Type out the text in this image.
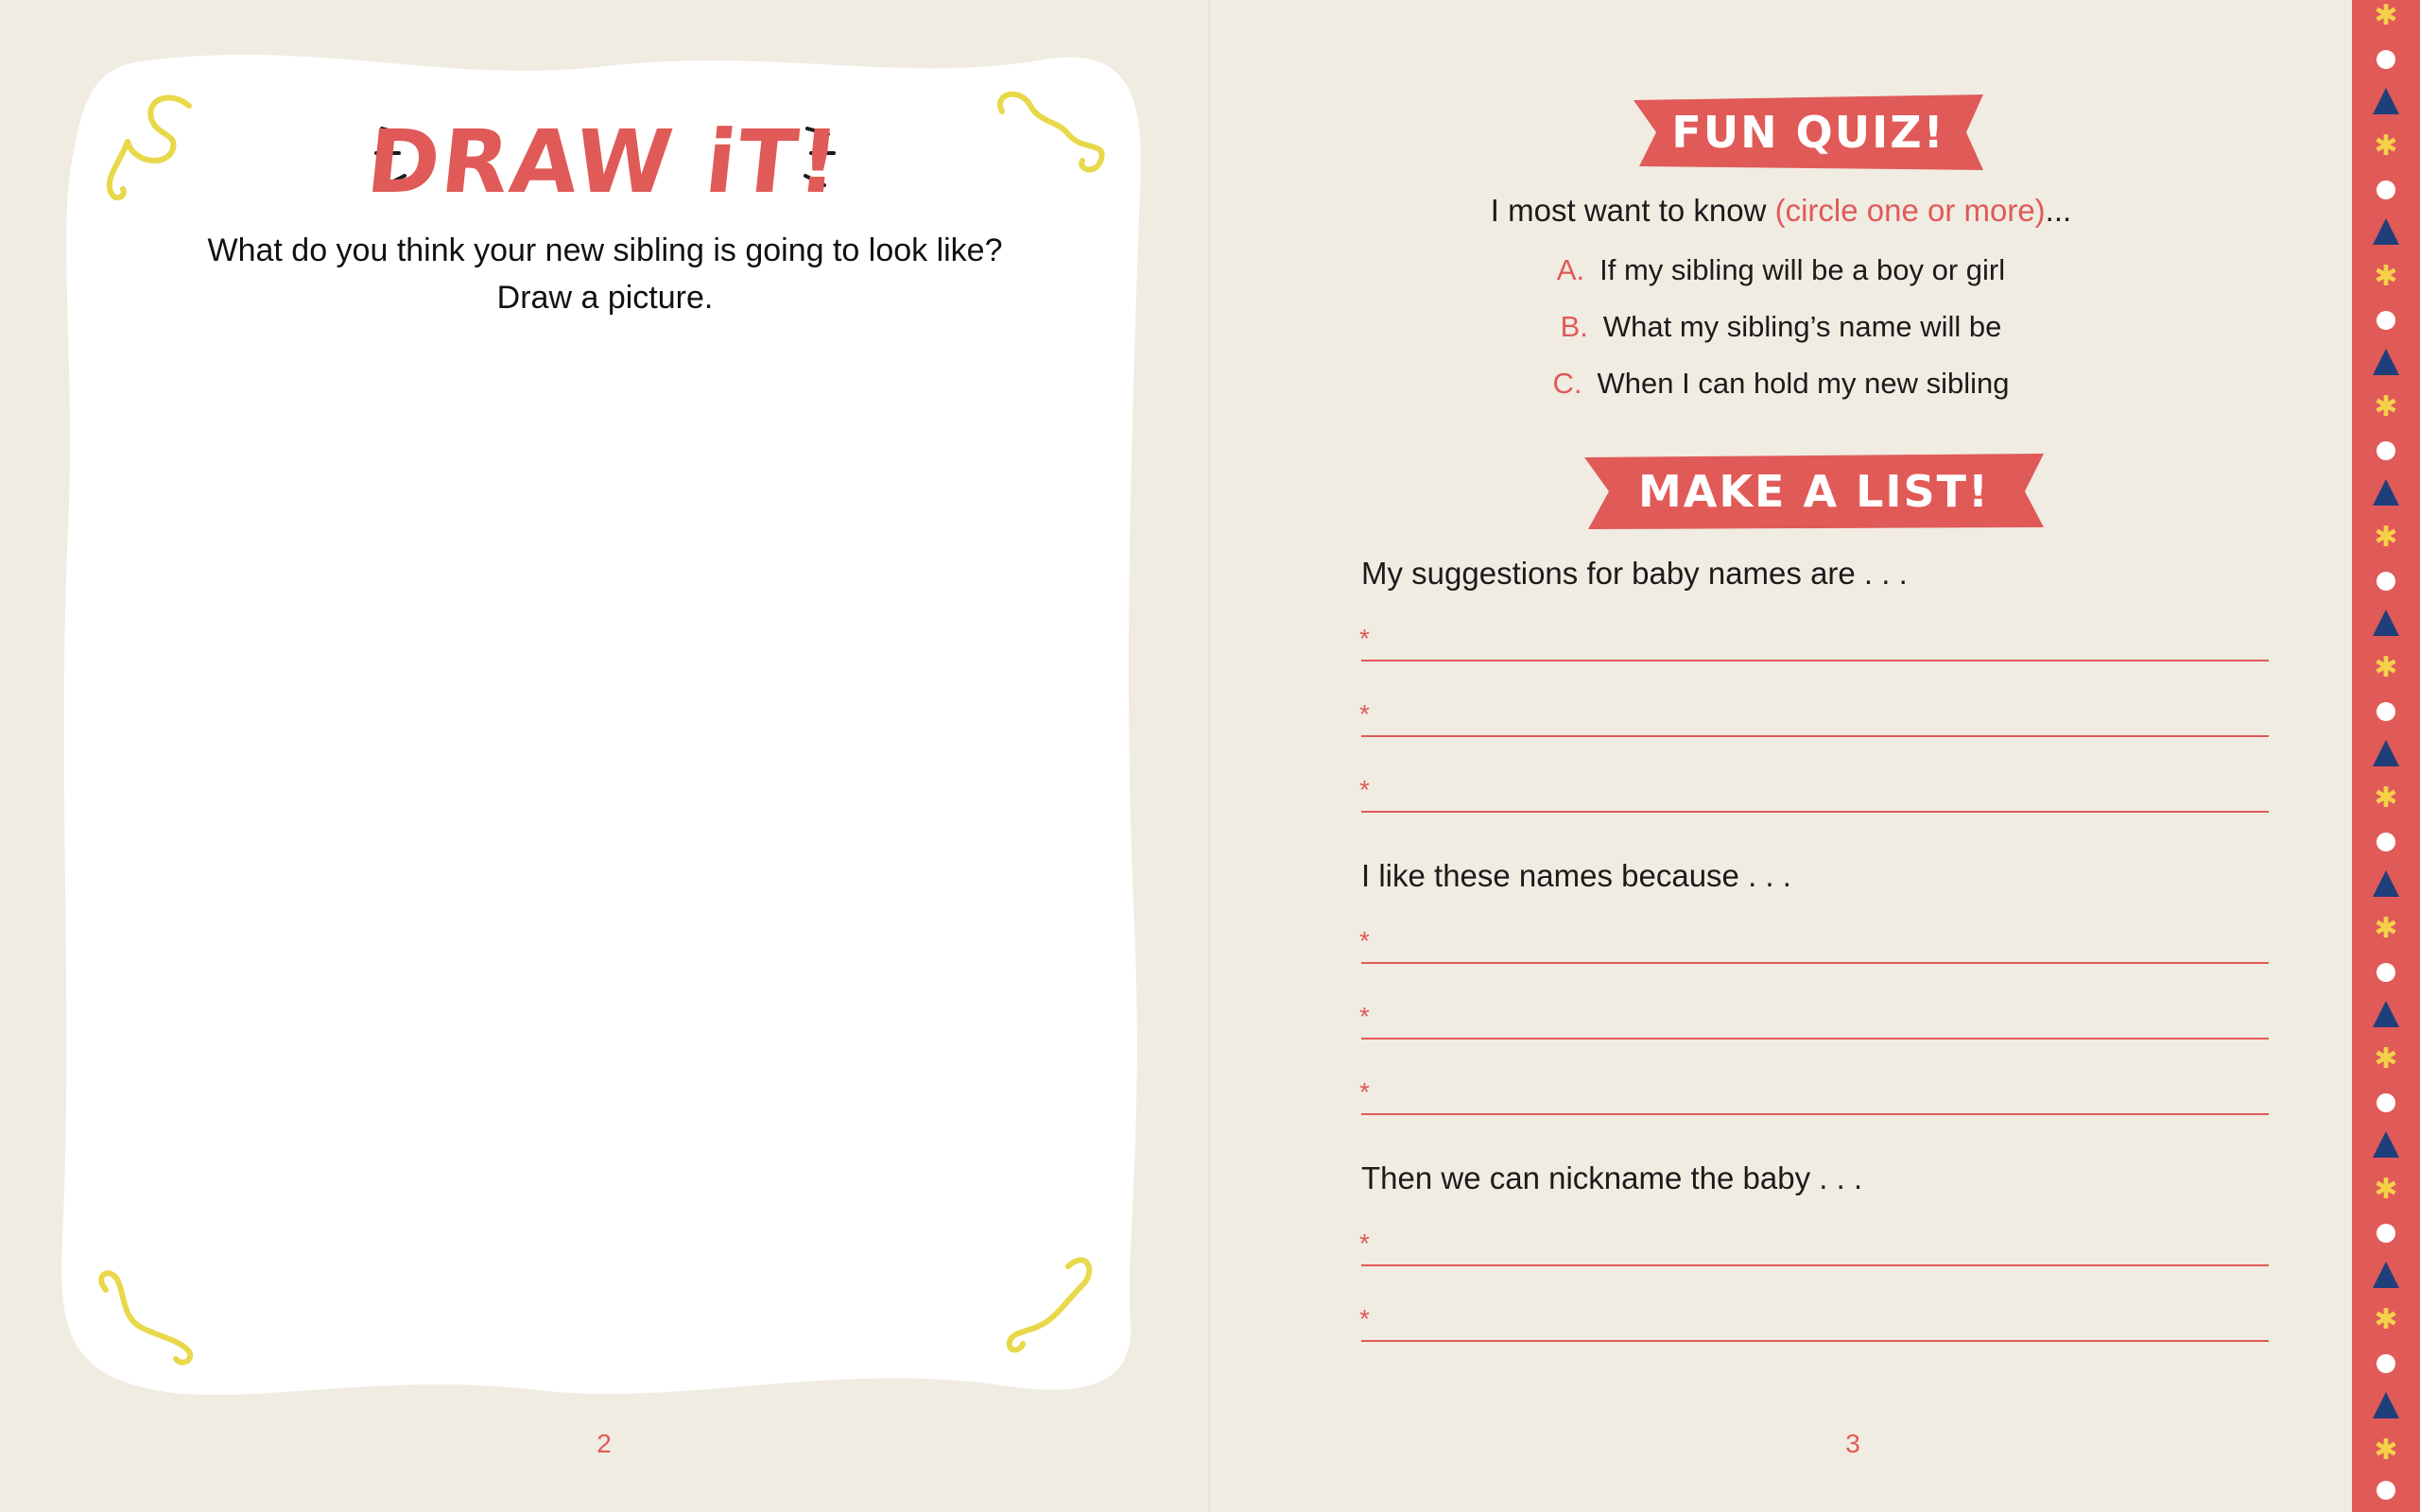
DRAW iT!
What do you think your new sibling is going to look like?
Draw a picture.
2
FUN QUIZ!
I most want to know (circle one or more)...
A. If my sibling will be a boy or girl
B. What my sibling’s name will be
C. When I can hold my new sibling
MAKE A LIST!
My suggestions for baby names are . . .
*
*
*
I like these names because . . .
*
*
*
Then we can nickname the baby . . .
*
*
3
✱
✱
✱
✱
✱
✱
✱
✱
✱
✱
✱
✱
